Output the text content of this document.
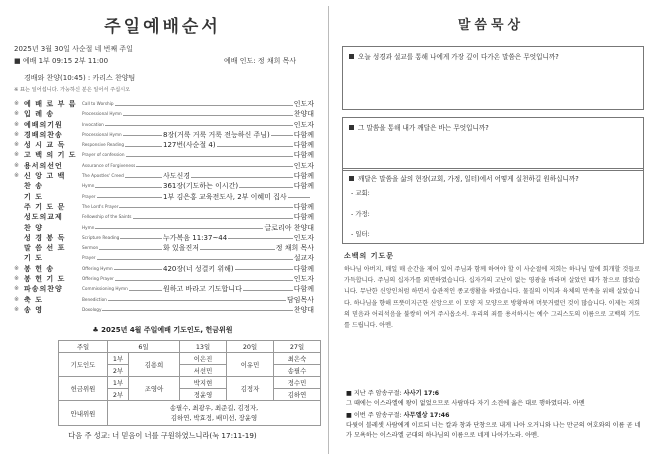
주일예배순서
2025년 3월 30일 사순절 네 번째 주일
■ 예배 1부 09:15 2부 11:00	예배 인도: 정 채희 목사
경배와 찬양(10:45) : 카리스 찬양팀
※ 표는 일어섭니다. 가능하신 분은 일어서 주십시오
※ 예 배 로 부 름	Call to Worship	인도자
※ 입 례 송	Processional Hymn	찬양대
※ 예배의기원	Invocation	인도자
※ 경배의찬송	Processional Hymn	8장(거룩 거룩 거룩 전능하신 주님)	다함께
※ 성 시 교 독	Responsive Reading	127번(사순절 4)	다함께
※ 고 백 의 기 도	Prayer of confession	다함께
※ 용서의선언	Assurance of Forgiveness	인도자
※ 신 앙 고 백	The Apostles' Creed	사도신경	다함께
찬 송	Hymn	361장(기도하는 이시간)	다함께
기 도	Prayer	1부 김은홍 교육전도사, 2부 이혜미 집사
주 기 도 문	The Lord's Prayer	다함께
성도의교제	Fellowship of the Saints	다함께
찬 양	Hymn	글로리아 찬양대
성 경 봉 독	Scripture Reading	누가복음 11:37~44	인도자
말 씀 선 포	Sermon	화 있을진저	정 채희 목사
기 도	Prayer	설교자
※ 봉 헌 송	Offering Hymn	420장(너 성결키 위해)	다함께
※ 봉 헌 기 도	Offering Prayer	인도자
※ 파송의찬양	Commissioning Hymn	원하고 바라고 기도합니다	다함께
※ 축 도	Benediction	담임목사
※ 송 영	Doxology	찬양대
♣ 2025년 4월 주일예배 기도인도, 헌금위원
주일	6일		13일	20일	27일
기도인도	1부	김용희	이은진	이유민	최은숙
	2부		서선민		송필수
헌금위원	1부	조영아	박지현	김정자	정수민
	2부		정윤영		김하연
안내위원	송필수, 최광우, 최준길, 김정자,
김하연, 박효정, 배미선, 장윤영				
다음 주 성교: 너 믿음이 너를 구원하였느니라(눅 17:11-19)
말씀묵상
오늘 성경과 설교를 통해 나에게 가장 깊이 다가온 말씀은 무엇입니까?
그 말씀을 통해 내가 깨달은 바는 무엇입니까?
깨달은 말씀을 삶의 현장(교회, 가정, 일터)에서 어떻게 실천하길 원하십니까?
- 교회:
- 가정:
- 일터:
소백의 기도문
하나님 아버지, 매일 매 순간을 제어 있어 주님과 함께 하여야 할 이 사순절에 저희는 하나님 말에 회개할 것들로 가득합니다. 주님의 십자가를 외면하였습니다. 십자가의 고난이 없는 영광을 바라며 살았던 때가 참으로 많았습니다. 무난한 신앙인처럼 하면서 습관적인 종교생활을 하였습니다. 물질의 이익과 육체의 만족을 위해 살았습니다. 하나님을 향해 뜨뜻미지근한 신앙으로 이 모양 저 모양으로 방황하며 머뭇거렸던 것이 많습니다. 이제는 저희의 믿음과 어리석음을 불쌍히 여겨 주시옵소서. 우리의 죄를 용서하시는 예수 그리스도의 이름으로 고백의 기도를 드립니다. 아멘.
■ 지난 주 암송구절: 사사기 17:6
그 때에는 이스라엘에 왕이 없었으므로 사람마다 자기 소견에 옳은 대로 행하였더라. 아멘
■ 이번 주 암송구절: 사무엘상 17:46
다윗이 블레셋 사람에게 이르되 너는 칼과 창과 단창으로 내게 나아 오거니와 나는 만군의 여호와의 이름 곧 네가 모욕하는 이스라엘 군대의 하나님의 이름으로 네게 나아가노라. 아멘.
